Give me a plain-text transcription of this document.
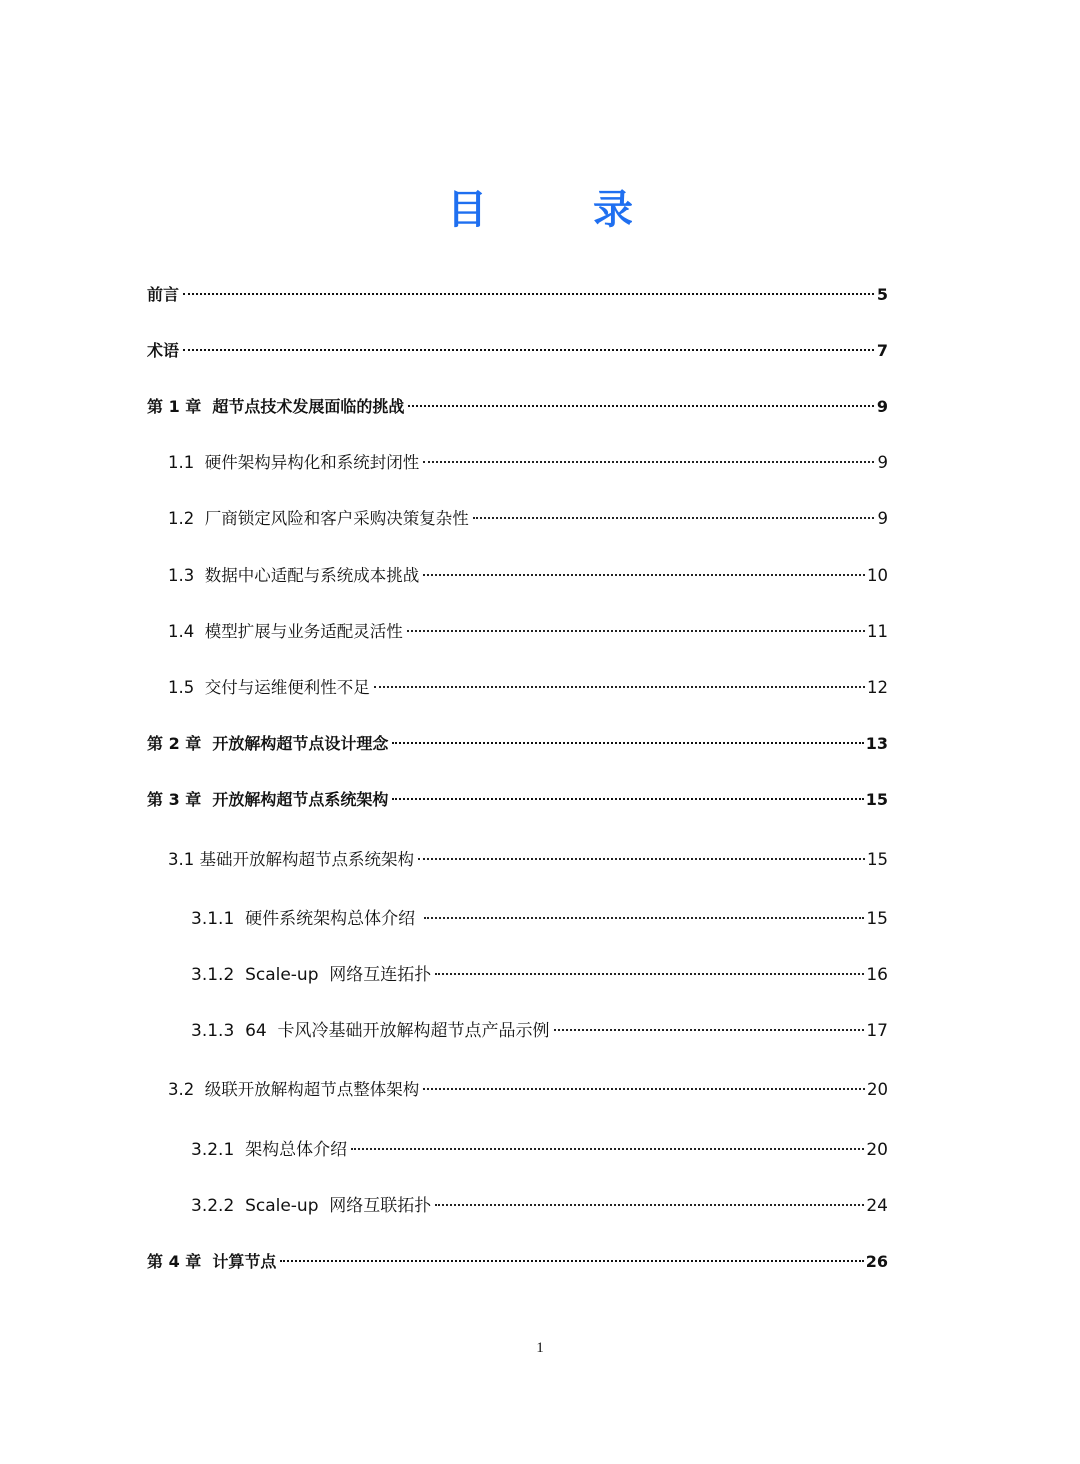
目 录
前言	5
术语	7
第 1 章  超节点技术发展面临的挑战	9
1.1  硬件架构异构化和系统封闭性	9
1.2  厂商锁定风险和客户采购决策复杂性	9
1.3  数据中心适配与系统成本挑战	10
1.4  模型扩展与业务适配灵活性	11
1.5  交付与运维便利性不足	12
第 2 章  开放解构超节点设计理念	13
第 3 章  开放解构超节点系统架构	15
3.1 基础开放解构超节点系统架构	15
3.1.1  硬件系统架构总体介绍	15
3.1.2  Scale-up  网络互连拓扑	16
3.1.3  64  卡风冷基础开放解构超节点产品示例	17
3.2  级联开放解构超节点整体架构	20
3.2.1  架构总体介绍	20
3.2.2  Scale-up  网络互联拓扑	24
第 4 章  计算节点	26
1
